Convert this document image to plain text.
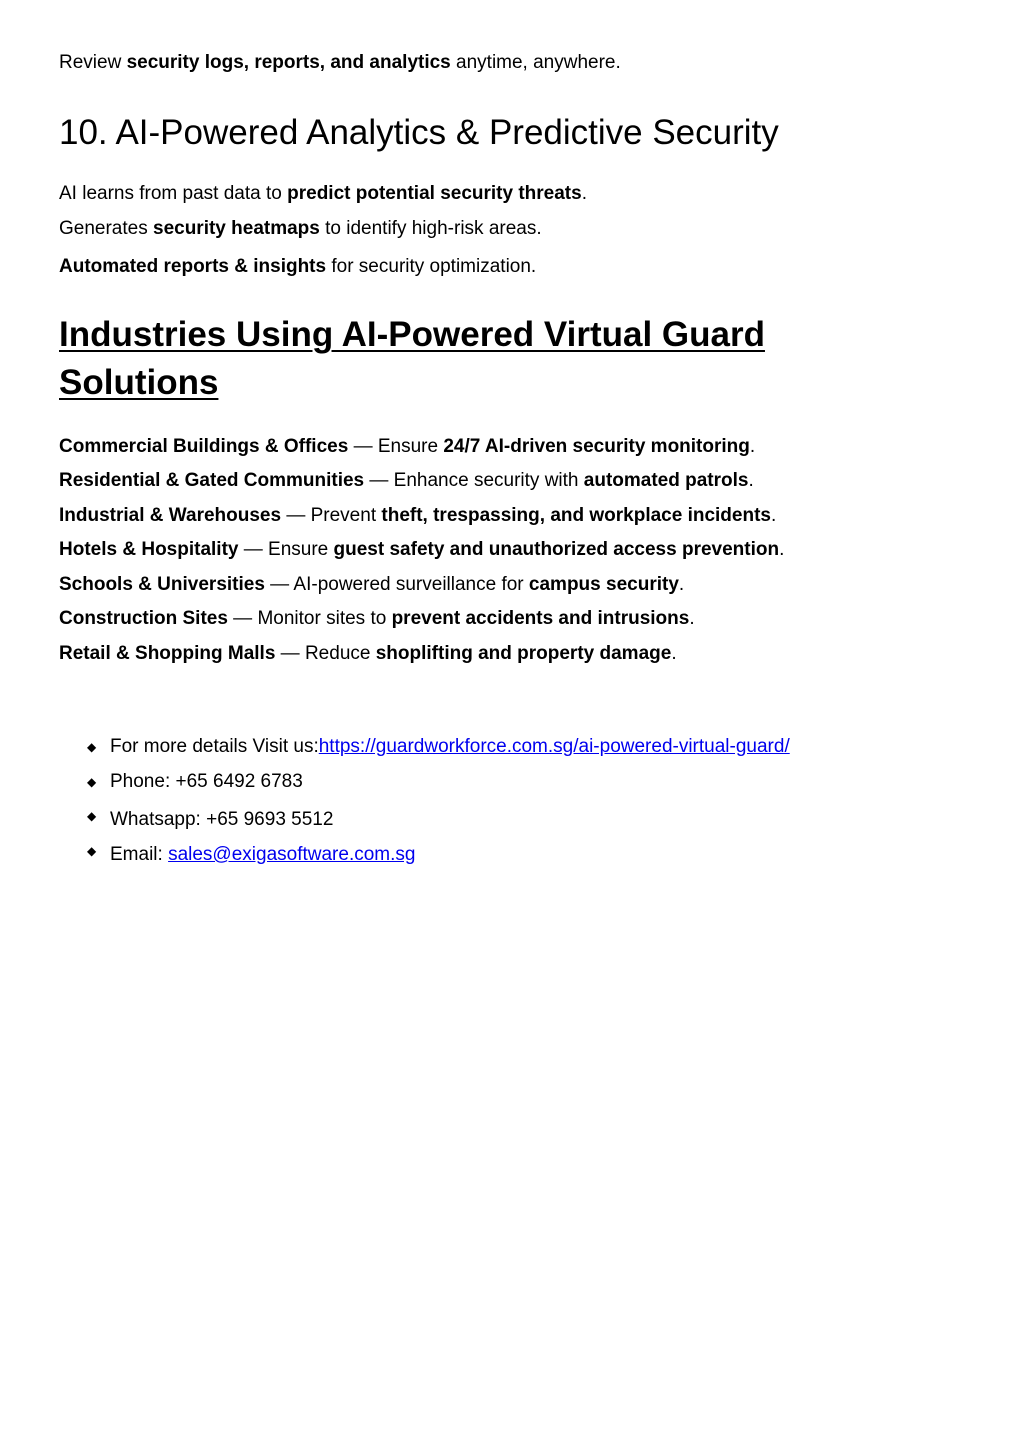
Review security logs, reports, and analytics anytime, anywhere.
10. AI-Powered Analytics & Predictive Security
AI learns from past data to predict potential security threats.
Generates security heatmaps to identify high-risk areas.
Automated reports & insights for security optimization.
Industries Using AI-Powered Virtual Guard Solutions
Commercial Buildings & Offices — Ensure 24/7 AI-driven security monitoring.
Residential & Gated Communities — Enhance security with automated patrols.
Industrial & Warehouses — Prevent theft, trespassing, and workplace incidents.
Hotels & Hospitality — Ensure guest safety and unauthorized access prevention.
Schools & Universities — AI-powered surveillance for campus security.
Construction Sites — Monitor sites to prevent accidents and intrusions.
Retail & Shopping Malls — Reduce shoplifting and property damage.
◆ For more details Visit us:https://guardworkforce.com.sg/ai-powered-virtual-guard/
◆ Phone: +65 6492 6783
◆ Whatsapp: +65 9693 5512
◆ Email: sales@exigasoftware.com.sg
